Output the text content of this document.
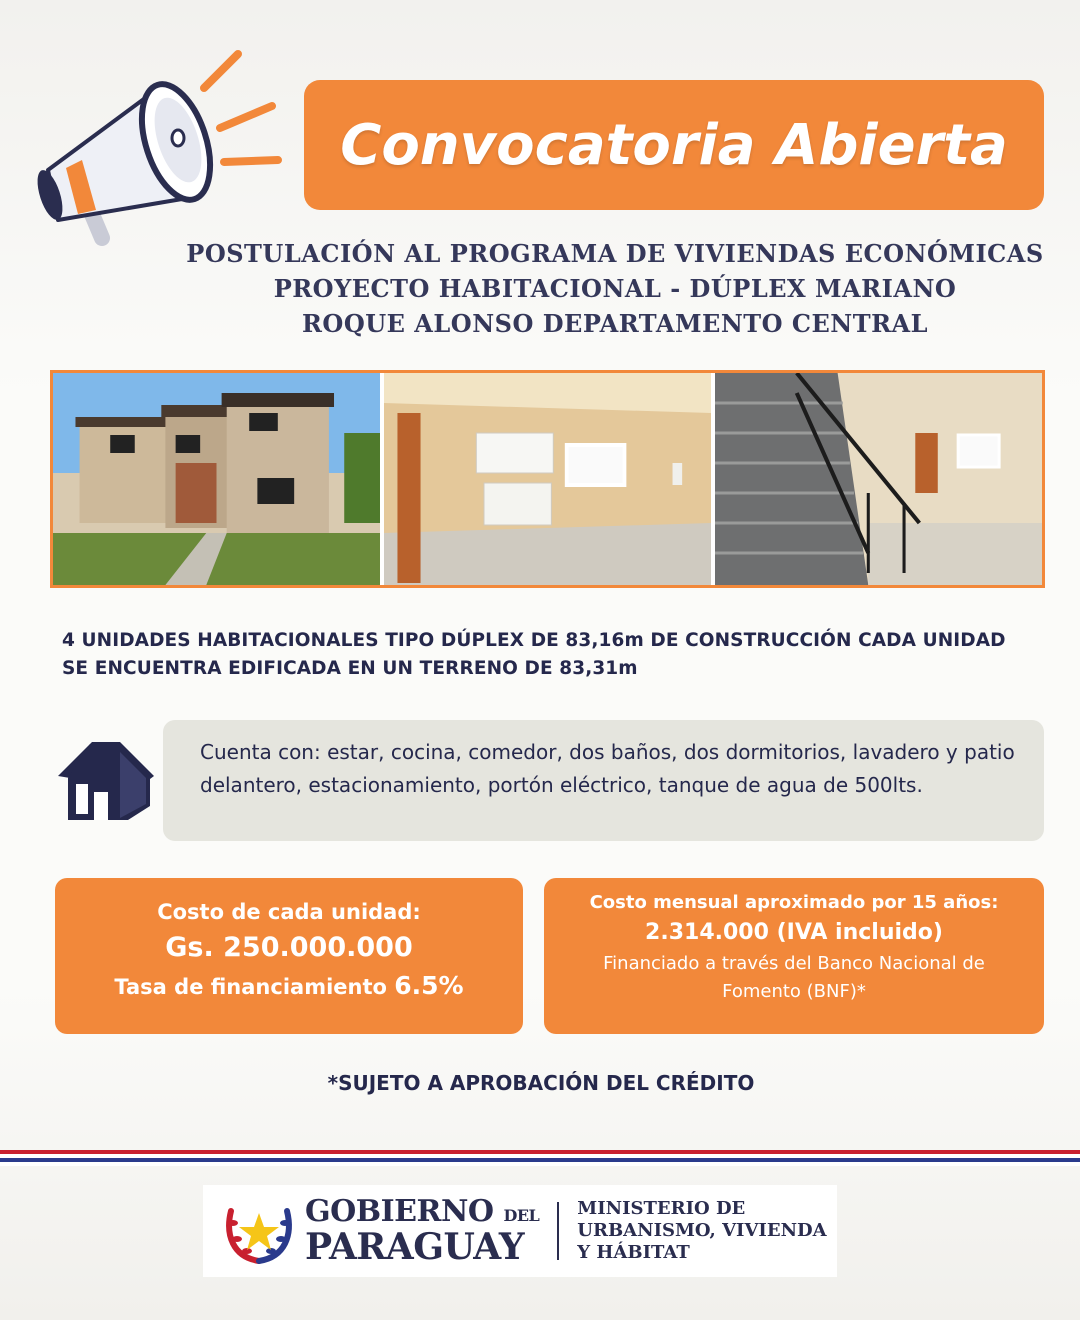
Convocatoria Abierta
POSTULACIÓN AL PROGRAMA DE VIVIENDAS ECONÓMICAS
PROYECTO HABITACIONAL - DÚPLEX MARIANO
ROQUE ALONSO DEPARTAMENTO CENTRAL
4 UNIDADES HABITACIONALES TIPO DÚPLEX DE 83,16m DE CONSTRUCCIÓN CADA UNIDAD
SE ENCUENTRA EDIFICADA EN UN TERRENO DE 83,31m
Cuenta con: estar, cocina, comedor, dos baños, dos dormitorios, lavadero y patio delantero, estacionamiento, portón eléctrico, tanque de agua de 500lts.
Costo de cada unidad:
Gs. 250.000.000
Tasa de financiamiento 6.5%
Costo mensual aproximado por 15 años:
2.314.000 (IVA incluido)
Financiado a través del Banco Nacional de Fomento (BNF)*
*SUJETO A APROBACIÓN DEL CRÉDITO
GOBIERNO DEL
PARAGUAY
MINISTERIO DE
URBANISMO, VIVIENDA
Y HÁBITAT
